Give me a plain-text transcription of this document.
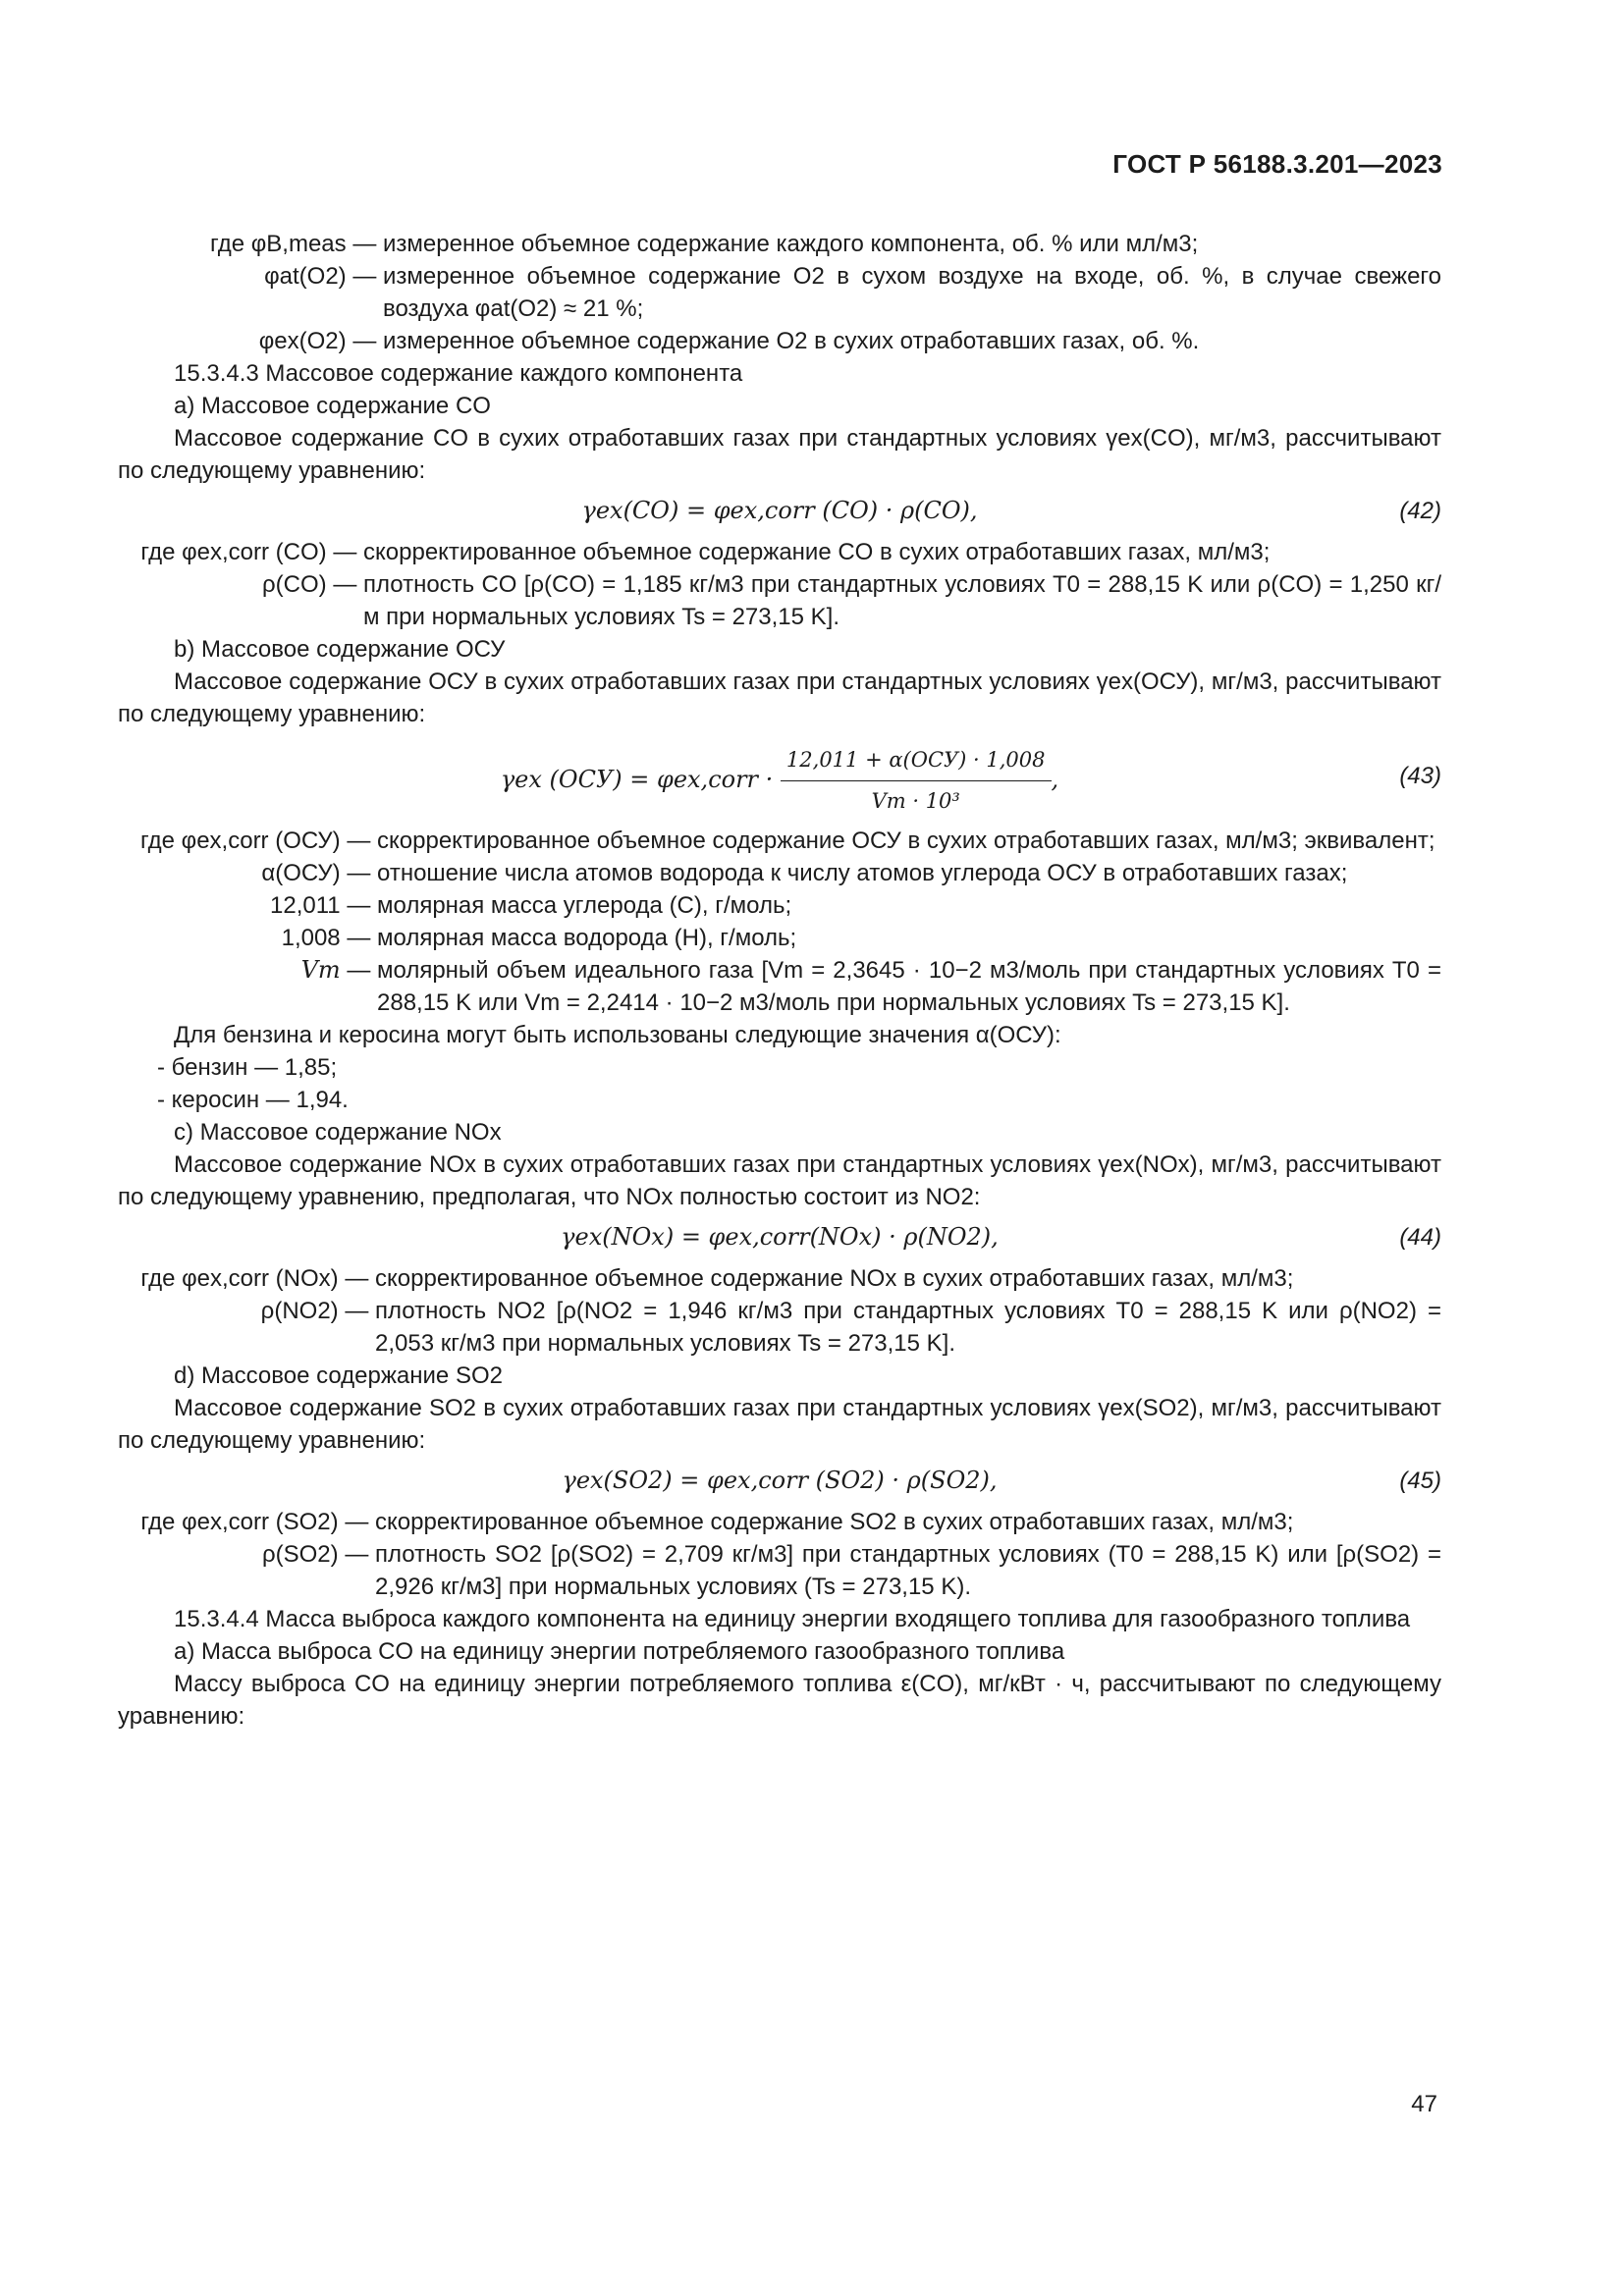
ГОСТ Р 56188.3.201—2023
где φB,meas —	измеренное объемное содержание каждого компонента, об. % или мл/м3;
φat(O2) —	измеренное объемное содержание O2 в сухом воздухе на входе, об. %, в случае свежего воздуха φat(O2) ≈ 21 %;
φex(O2) —	измеренное объемное содержание O2 в сухих отработавших газах, об. %.

15.3.4.3 Массовое содержание каждого компонента

a) Массовое содержание CO

Массовое содержание CO в сухих отработавших газах при стандартных условиях γex(CO), мг/м3, рассчитывают по следующему уравнению:

γex(CO) = φex,corr (CO) · ρ(CO),	(42)
где φex,corr (CO) —	скорректированное объемное содержание CO в сухих отработавших газах, мл/м3;
ρ(CO) —	плотность CO [ρ(CO) = 1,185 кг/м3 при стандартных условиях T0 = 288,15 K или ρ(CO) = 1,250 кг/м при нормальных условиях Ts = 273,15 K].

b) Массовое содержание ОСУ

Массовое содержание ОСУ в сухих отработавших газах при стандартных условиях γex(ОСУ), мг/м3, рассчитывают по следующему уравнению:

γex (ОСУ) = φex,corr · $\frac{\text{12,011 + α(ОСУ) · 1,008}}{\text{Vm · 10³}}$ ,	(43)
где φex,corr (ОСУ) —	скорректированное объемное содержание ОСУ в сухих отработавших газах, мл/м3; эквивалент;
α(ОСУ) —	отношение числа атомов водорода к числу атомов углерода ОСУ в отработавших газах;
12,011 —	молярная масса углерода (C), г/моль;
1,008 —	молярная масса водорода (H), г/моль;
Vm —	молярный объем идеального газа [Vm = 2,3645 · 10−2 м3/моль при стандартных условиях T0 = 288,15 K или Vm = 2,2414 · 10−2 м3/моль при нормальных условиях Ts = 273,15 K].

Для бензина и керосина могут быть использованы следующие значения α(ОСУ):

- бензин — 1,85;

- керосин — 1,94.

c) Массовое содержание NOx

Массовое содержание NOx в сухих отработавших газах при стандартных условиях γex(NOx), мг/м3, рассчитывают по следующему уравнению, предполагая, что NOx полностью состоит из NO2:

γex(NOx) = φex,corr(NOx) · ρ(NO2),	(44)
где φex,corr (NOx) —	скорректированное объемное содержание NOx в сухих отработавших газах, мл/м3;
ρ(NO2) —	плотность NO2 [ρ(NO2 = 1,946 кг/м3 при стандартных условиях T0 = 288,15 K или ρ(NO2) = 2,053 кг/м3 при нормальных условиях Ts = 273,15 K].

d) Массовое содержание SO2

Массовое содержание SO2 в сухих отработавших газах при стандартных условиях γex(SO2), мг/м3, рассчитывают по следующему уравнению:

γex(SO2) = φex,corr (SO2) · ρ(SO2),	(45)
где φex,corr (SO2) —	скорректированное объемное содержание SO2 в сухих отработавших газах, мл/м3;
ρ(SO2) —	плотность SO2 [ρ(SO2) = 2,709 кг/м3] при стандартных условиях (T0 = 288,15 K) или [ρ(SO2) = 2,926 кг/м3] при нормальных условиях (Ts = 273,15 K).

15.3.4.4 Масса выброса каждого компонента на единицу энергии входящего топлива для газообразного топлива

a) Масса выброса CO на единицу энергии потребляемого газообразного топлива

Массу выброса CO на единицу энергии потребляемого топлива ε(CO), мг/кВт · ч, рассчитывают по следующему уравнению:

47
